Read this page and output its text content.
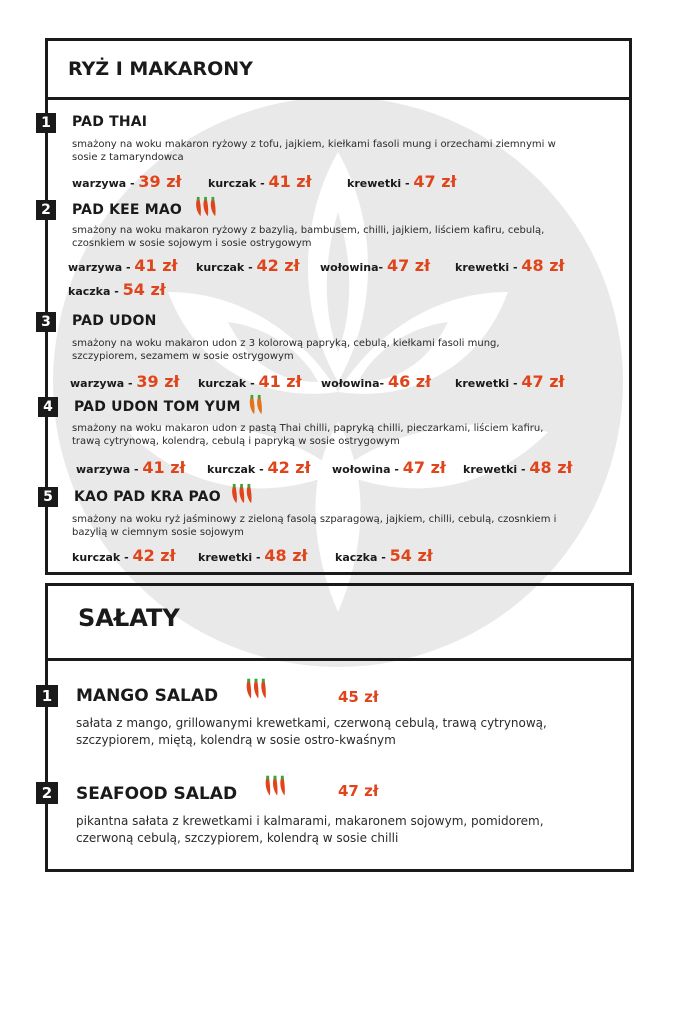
RYŻ I MAKARONY
1	PAD THAI
smażony na woku makaron ryżowy z tofu, jajkiem, kiełkami fasoli mung i orzechami ziemnymi w sosie z tamaryndowca
warzywa - 39 zł kurczak - 41 zł	krewetki - 47 zł
2	PAD KEE MAO
smażony na woku makaron ryżowy z bazylią, bambusem, chilli, jajkiem, liściem kafiru, cebulą, czosnkiem w sosie sojowym i sosie ostrygowym
warzywa - 41 zł kurczak - 42 zł wołowina- 47 zł krewetki - 48 zł
kaczka - 54 zł
3	PAD UDON
smażony na woku makaron udon z 3 kolorową papryką, cebulą, kiełkami fasoli mung, szczypiorem, sezamem w sosie ostrygowym
warzywa - 39 zł kurczak - 41 zł wołowina- 46 zł krewetki - 47 zł
4	PAD UDON TOM YUM
smażony na woku makaron udon z pastą Thai chilli, papryką chilli, pieczarkami, liściem kafiru, trawą cytrynową, kolendrą, cebulą i papryką w sosie ostrygowym
warzywa - 41 zł kurczak - 42 zł wołowina - 47 zł krewetki - 48 zł
5	KAO PAD KRA PAO
smażony na woku ryż jaśminowy z zieloną fasolą szparagową, jajkiem, chilli, cebulą, czosnkiem i bazylią w ciemnym sosie sojowym
kurczak - 42 zł krewetki - 48 zł	kaczka - 54 zł
SAŁATY
1	MANGO SALAD	45 zł
sałata z mango, grillowanymi krewetkami, czerwoną cebulą, trawą cytrynową, szczypiorem, miętą, kolendrą w sosie ostro-kwaśnym
2	SEAFOOD SALAD	47 zł
pikantna sałata z krewetkami i kalmarami, makaronem sojowym, pomidorem, czerwoną cebulą, szczypiorem, kolendrą w sosie chilli
